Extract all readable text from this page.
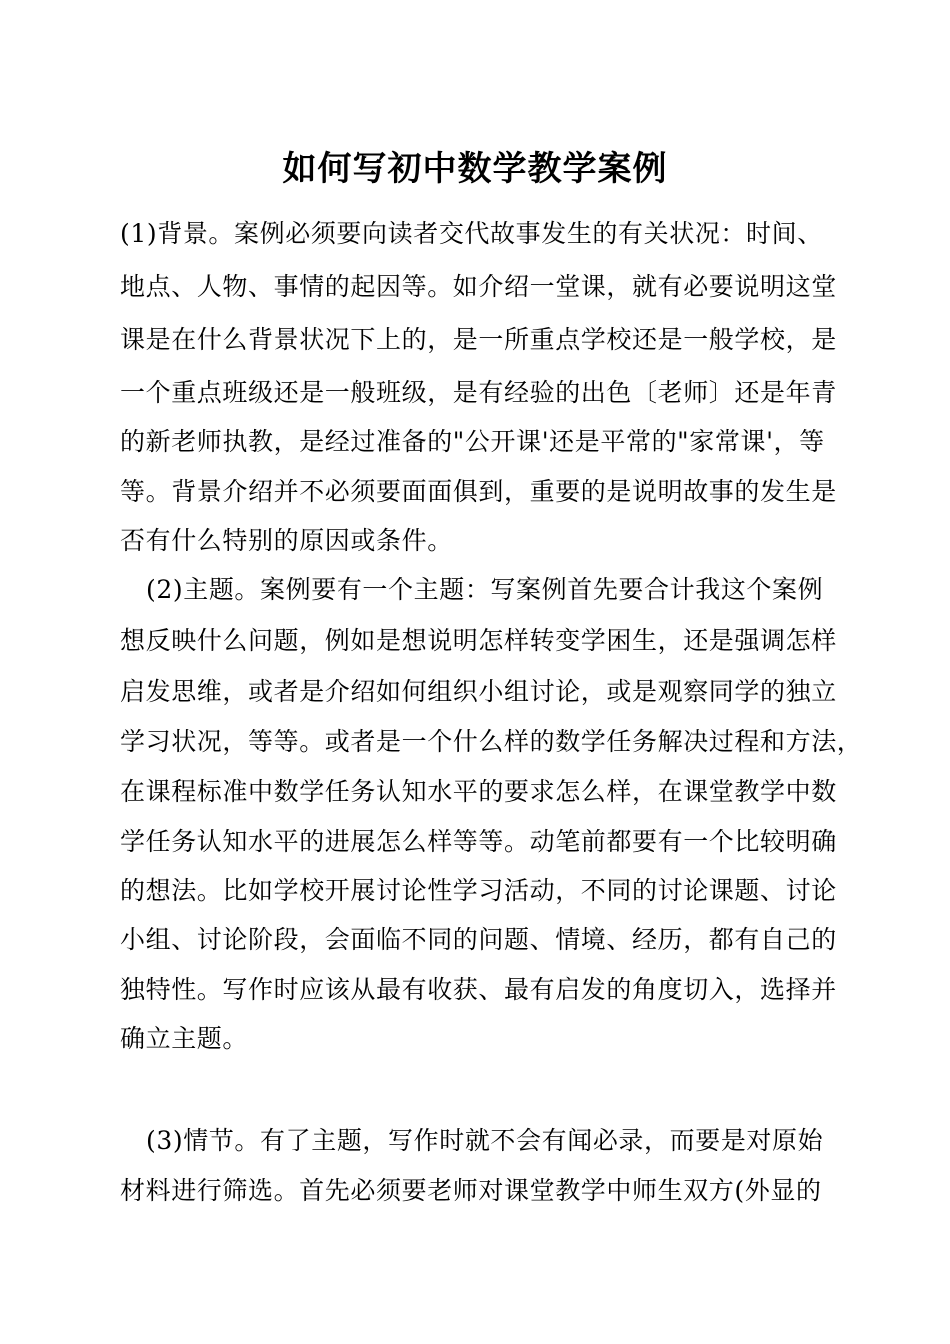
如何写初中数学教学案例
(1)背景。案例必须要向读者交代故事发生的有关状况：时间、
地点、人物、事情的起因等。如介绍一堂课，就有必要说明这堂
课是在什么背景状况下上的，是一所重点学校还是一般学校，是
一个重点班级还是一般班级，是有经验的出色〔老师〕还是年青
的新老师执教，是经过准备的"公开课'还是平常的"家常课'，等
等。背景介绍并不必须要面面俱到，重要的是说明故事的发生是
否有什么特别的原因或条件。
(2)主题。案例要有一个主题：写案例首先要合计我这个案例
想反映什么问题，例如是想说明怎样转变学困生，还是强调怎样
启发思维，或者是介绍如何组织小组讨论，或是观察同学的独立
学习状况，等等。或者是一个什么样的数学任务解决过程和方法，
在课程标准中数学任务认知水平的要求怎么样，在课堂教学中数
学任务认知水平的进展怎么样等等。动笔前都要有一个比较明确
的想法。比如学校开展讨论性学习活动，不同的讨论课题、讨论
小组、讨论阶段，会面临不同的问题、情境、经历，都有自己的
独特性。写作时应该从最有收获、最有启发的角度切入，选择并
确立主题。
(3)情节。有了主题，写作时就不会有闻必录，而要是对原始
材料进行筛选。首先必须要老师对课堂教学中师生双方(外显的
